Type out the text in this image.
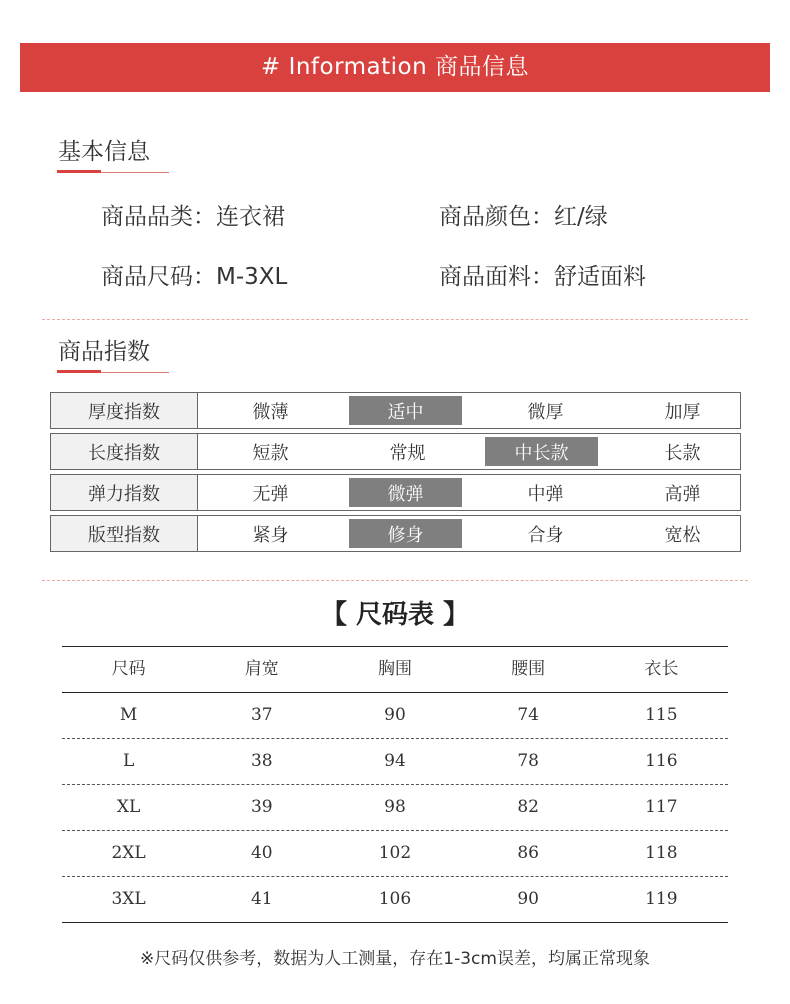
# Information 商品信息
基本信息
商品品类：连衣裙	商品颜色：红/绿
商品尺码：M-3XL	商品面料：舒适面料
商品指数
厚度指数	微薄	适中	微厚	加厚
长度指数	短款	常规	中长款	长款
弹力指数	无弹	微弹	中弹	高弹
版型指数	紧身	修身	合身	宽松
【 尺码表 】
尺码	肩宽	胸围	腰围	衣长
M	37	90	74	115
L	38	94	78	116
XL	39	98	82	117
2XL	40	102	86	118
3XL	41	106	90	119
※尺码仅供参考，数据为人工测量，存在1-3cm误差，均属正常现象
